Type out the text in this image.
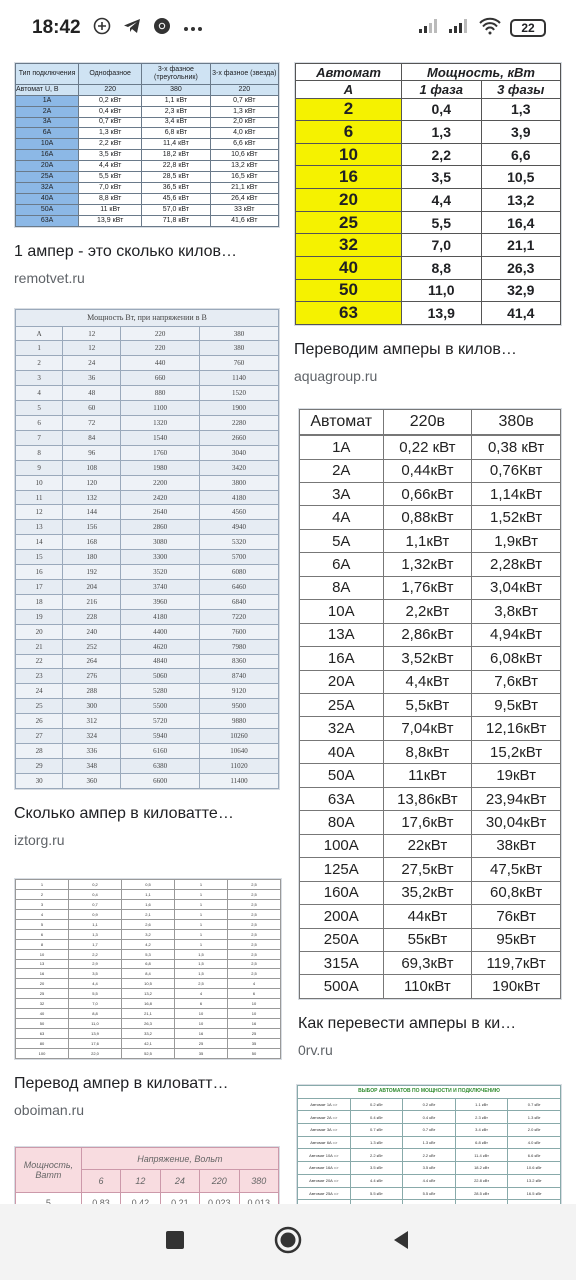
18:42	22
Тип подключения	Однофазное	3-х фазное (треугольник)	3-х фазное (звезда)
Автомат U, В	220	380	220
1A	0,2 кВт	1,1 кВт	0,7 кВт
2A	0,4 кВт	2,3 кВт	1,3 кВт
3A	0,7 кВт	3,4 кВт	2,0 кВт
6A	1,3 кВт	6,8 кВт	4,0 кВт
10A	2,2 кВт	11,4 кВт	6,6 кВт
16A	3,5 кВт	18,2 кВт	10,6 кВт
20A	4,4 кВт	22,8 кВт	13,2 кВт
25A	5,5 кВт	28,5 кВт	16,5 кВт
32A	7,0 кВт	36,5 кВт	21,1 кВт
40A	8,8 кВт	45,6 кВт	26,4 кВт
50A	11 кВт	57,0 кВт	33 кВт
63A	13,9 кВт	71,8 кВт	41,6 кВт
1 ампер - это сколько килов…
remotvet.ru
Автомат	Мощность, кВт	
А	1 фаза	3 фазы
2	0,4	1,3
6	1,3	3,9
10	2,2	6,6
16	3,5	10,5
20	4,4	13,2
25	5,5	16,4
32	7,0	21,1
40	8,8	26,3
50	11,0	32,9
63	13,9	41,4
Переводим амперы в килов…
aquagroup.ru
Мощность Вт, при напряжении в В			
А	12	220	380
1	12	220	380
2	24	440	760
3	36	660	1140
4	48	880	1520
5	60	1100	1900
6	72	1320	2280
7	84	1540	2660
8	96	1760	3040
9	108	1980	3420
10	120	2200	3800
11	132	2420	4180
12	144	2640	4560
13	156	2860	4940
14	168	3080	5320
15	180	3300	5700
16	192	3520	6080
17	204	3740	6460
18	216	3960	6840
19	228	4180	7220
20	240	4400	7600
21	252	4620	7980
22	264	4840	8360
23	276	5060	8740
24	288	5280	9120
25	300	5500	9500
26	312	5720	9880
27	324	5940	10260
28	336	6160	10640
29	348	6380	11020
30	360	6600	11400
Сколько ампер в киловатте…
iztorg.ru
Автомат	220в	380в

1A	0,22 кВт	0,38 кВт
2A	0,44кВт	0,76Квт
3A	0,66кВт	1,14кВт
4A	0,88кВт	1,52кВт
5A	1,1кВт	1,9кВт
6A	1,32кВт	2,28кВт
8A	1,76кВт	3,04кВт
10A	2,2кВт	3,8кВт
13A	2,86кВт	4,94кВт
16A	3,52кВт	6,08кВт
20A	4,4кВт	7,6кВт
25A	5,5кВт	9,5кВт
32A	7,04кВт	12,16кВт
40A	8,8кВт	15,2кВт
50A	11кВт	19кВт
63A	13,86кВт	23,94кВт
80A	17,6кВт	30,04кВт
100A	22кВт	38кВт
125A	27,5кВт	47,5кВт
160A	35,2кВт	60,8кВт
200A	44кВт	76кВт
250A	55кВт	95кВт
315A	69,3кВт	119,7кВт
500A	110кВт	190кВт
Как перевести амперы в ки…
0rv.ru
1	0,2	0,5	1	2,5
2	0,4	1,1	1	2,5
3	0,7	1,6	1	2,5
4	0,9	2,1	1	2,5
5	1,1	2,6	1	2,5
6	1,3	3,2	1	2,5
8	1,7	4,2	1	2,5
10	2,2	5,3	1,5	2,5
13	2,9	6,8	1,5	2,5
16	3,5	8,4	1,5	2,5
20	4,4	10,5	2,5	4
25	5,5	13,2	4	6
32	7,0	16,8	6	10
40	8,8	21,1	10	10
50	11,0	26,3	10	16
63	13,9	33,2	16	25
80	17,6	42,1	25	35
100	22,0	52,5	35	50
Перевод ампер в киловатт…
oboiman.ru
ВЫБОР АВТОМАТОВ ПО МОЩНОСТИ И ПОДКЛЮЧЕНИЮ				
Автомат 1A =>	0.2 кВт	0.2 кВт	1.1 кВт	0.7 кВт
Автомат 2A =>	0.4 кВт	0.4 кВт	2.3 кВт	1.3 кВт
Автомат 3A =>	0.7 кВт	0.7 кВт	3.4 кВт	2.0 кВт
Автомат 6A =>	1.3 кВт	1.3 кВт	6.8 кВт	4.0 кВт
Автомат 10A =>	2.2 кВт	2.2 кВт	11.4 кВт	6.6 кВт
Автомат 16A =>	3.5 кВт	3.5 кВт	18.2 кВт	10.6 кВт
Автомат 20A =>	4.4 кВт	4.4 кВт	22.8 кВт	13.2 кВт
Автомат 25A =>	5.5 кВт	5.5 кВт	28.5 кВт	16.5 кВт

Мощность, Ватт	Напряжение, Вольт				
	6	12	24	220	380
